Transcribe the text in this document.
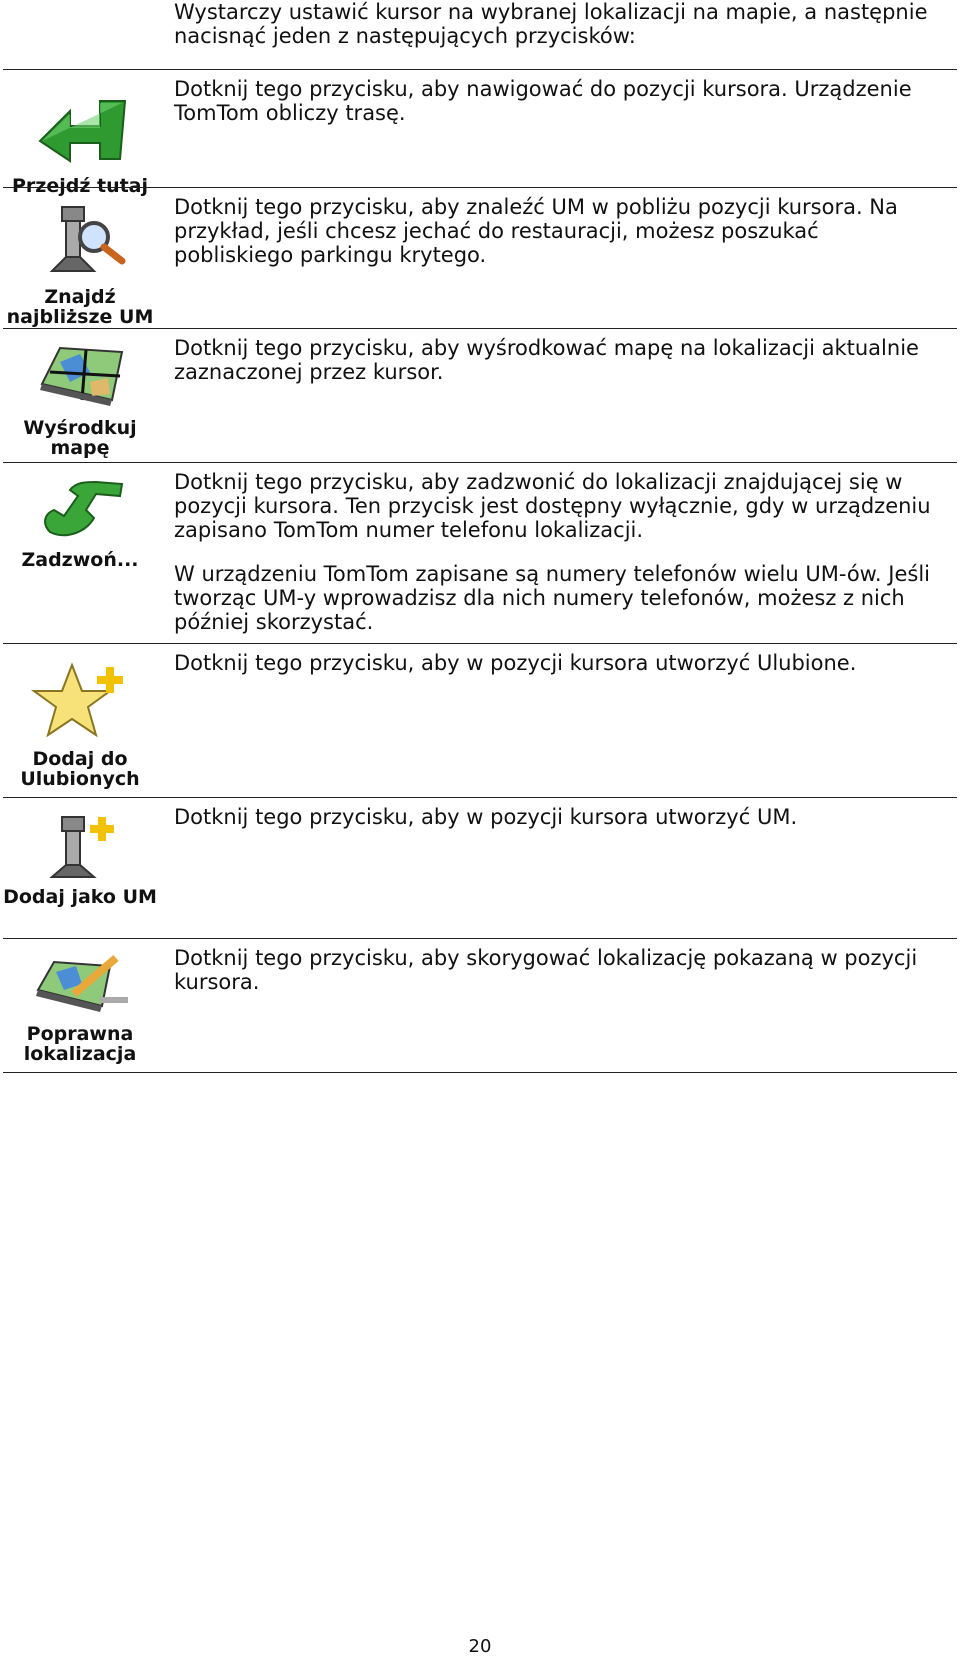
Wystarczy ustawić kursor na wybranej lokalizacji na mapie, a następnie nacisnąć jeden z następujących przycisków:

Przejdź tutaj

Dotknij tego przycisku, aby nawigować do pozycji kursora. Urządzenie TomTom obliczy trasę.

Znajdź najbliższe UM

Dotknij tego przycisku, aby znaleźć UM w pobliżu pozycji kursora. Na przykład, jeśli chcesz jechać do restauracji, możesz poszukać pobliskiego parkingu krytego.

Wyśrodkuj mapę

Dotknij tego przycisku, aby wyśrodkować mapę na lokalizacji aktualnie zaznaczonej przez kursor.

Zadzwoń...

Dotknij tego przycisku, aby zadzwonić do lokalizacji znajdującej się w pozycji kursora. Ten przycisk jest dostępny wyłącznie, gdy w urządzeniu zapisano TomTom numer telefonu lokalizacji.

W urządzeniu TomTom zapisane są numery telefonów wielu UM-ów. Jeśli tworząc UM-y wprowadzisz dla nich numery telefonów, możesz z nich później skorzystać.

Dodaj do Ulubionych

Dotknij tego przycisku, aby w pozycji kursora utworzyć Ulubione.

Dodaj jako UM

Dotknij tego przycisku, aby w pozycji kursora utworzyć UM.

Poprawna lokalizacja

Dotknij tego przycisku, aby skorygować lokalizację pokazaną w pozycji kursora.

20
